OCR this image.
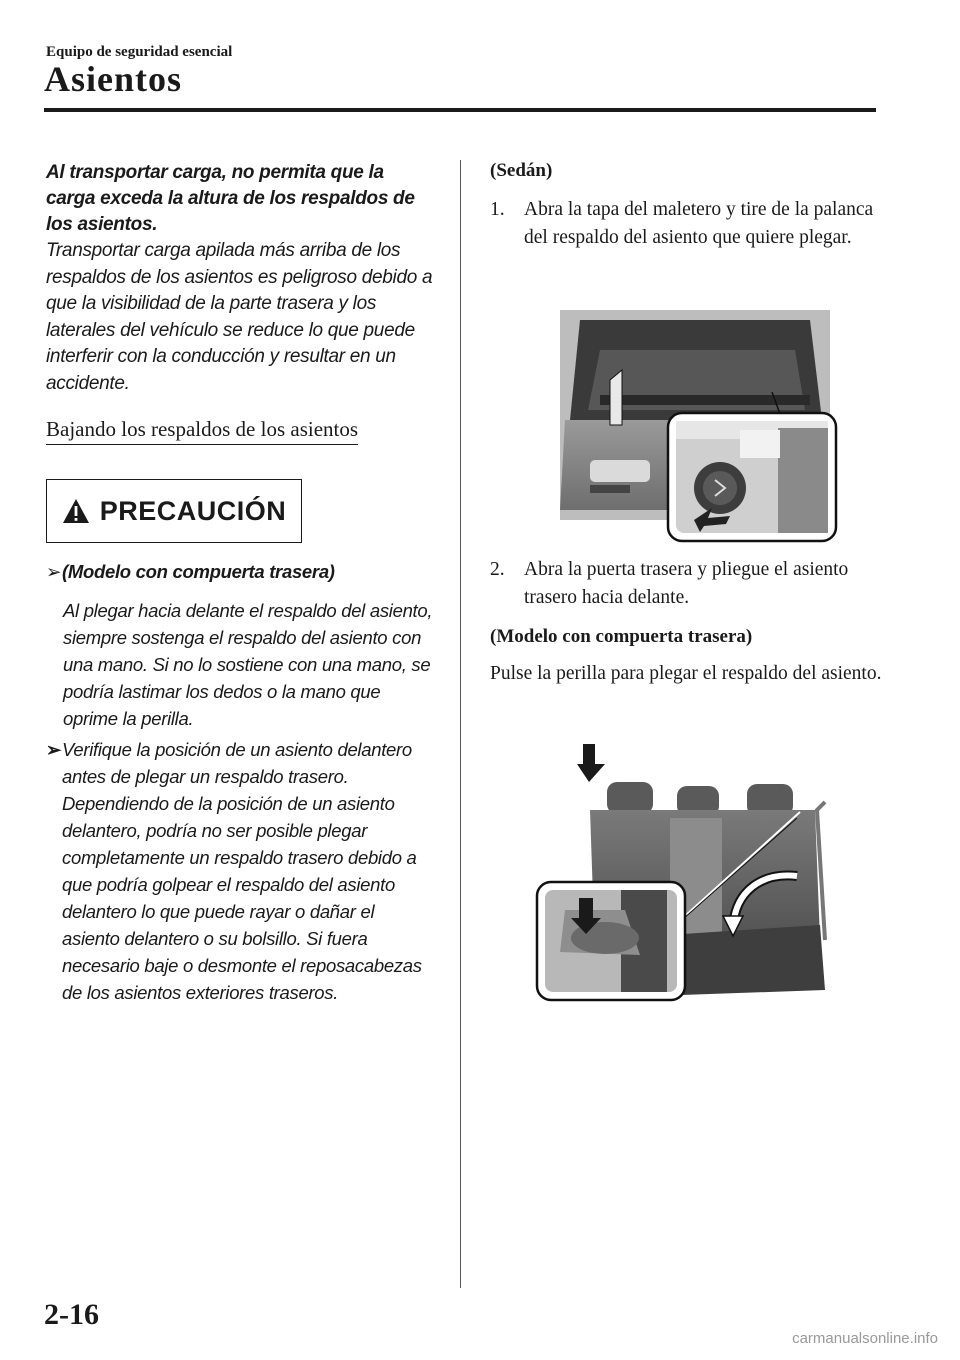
Equipo de seguridad esencial
Asientos

Al transportar carga, no permita que la carga exceda la altura de los respaldos de los asientos.

Transportar carga apilada más arriba de los respaldos de los asientos es peligroso debido a que la visibilidad de la parte trasera y los laterales del vehículo se reduce lo que puede interferir con la conducción y resultar en un accidente.

Bajando los respaldos de los asientos
PRECAUCIÓN

➢(Modelo con compuerta trasera)

Al plegar hacia delante el respaldo del asiento, siempre sostenga el respaldo del asiento con una mano. Si no lo sostiene con una mano, se podría lastimar los dedos o la mano que oprime la perilla.

➢ Verifique la posición de un asiento delantero antes de plegar un respaldo trasero. Dependiendo de la posición de un asiento delantero, podría no ser posible plegar completamente un respaldo trasero debido a que podría golpear el respaldo del asiento delantero lo que puede rayar o dañar el asiento delantero o su bolsillo. Si fuera necesario baje o desmonte el reposacabezas de los asientos exteriores traseros.

(Sedán)

1. Abra la tapa del maletero y tire de la palanca del respaldo del asiento que quiere plegar.
2. Abra la puerta trasera y pliegue el asiento trasero hacia delante.

(Modelo con compuerta trasera)

Pulse la perilla para plegar el respaldo del asiento.

2-16
carmanualsonline.info
